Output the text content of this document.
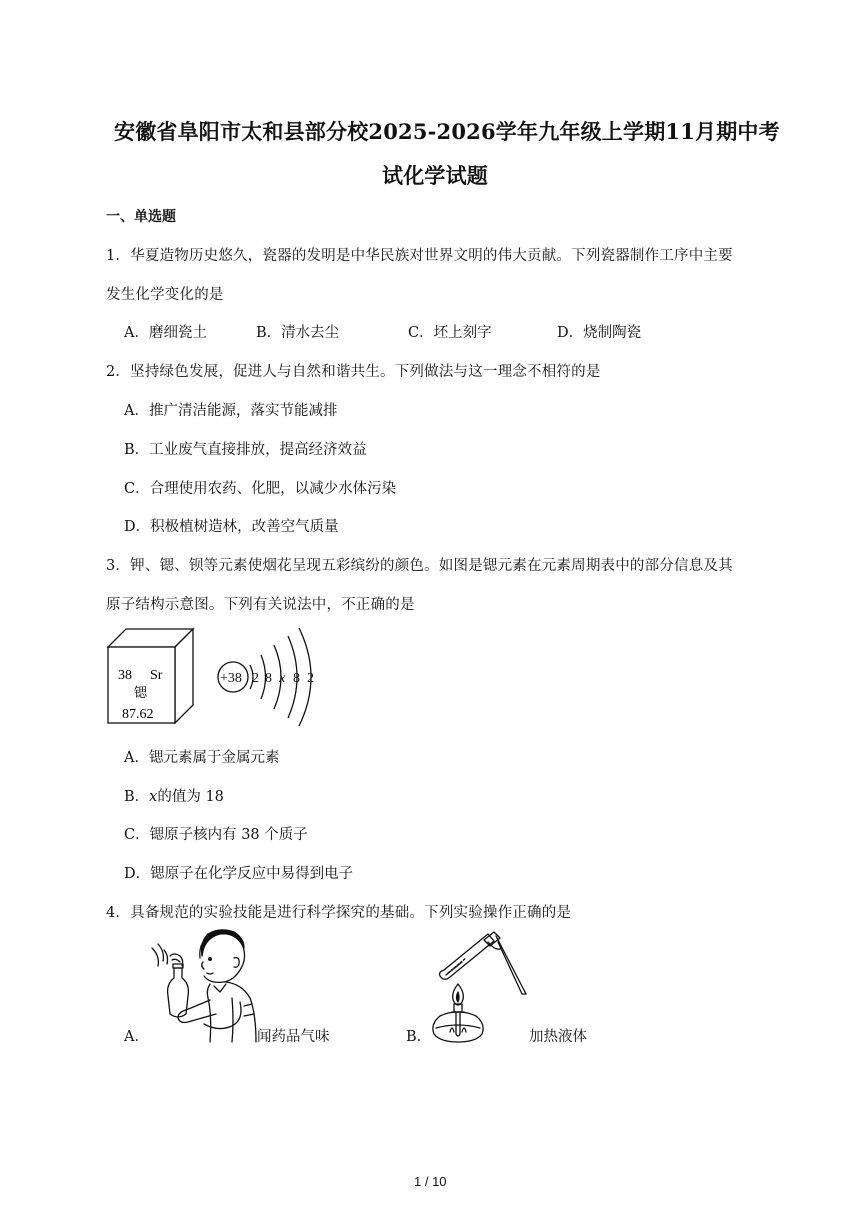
安徽省阜阳市太和县部分校2025-2026学年九年级上学期11月期中考
试化学试题
一、单选题
1．华夏造物历史悠久，瓷器的发明是中华民族对世界文明的伟大贡献。下列瓷器制作工序中主要
发生化学变化的是
A．磨细瓷土	B．清水去尘	C．坯上刻字	D．烧制陶瓷
2．坚持绿色发展，促进人与自然和谐共生。下列做法与这一理念不相符的是
A．推广清洁能源，落实节能减排
B．工业废气直接排放，提高经济效益
C．合理使用农药、化肥，以减少水体污染
D．积极植树造林，改善空气质量
3．钾、锶、钡等元素使烟花呈现五彩缤纷的颜色。如图是锶元素在元素周期表中的部分信息及其
原子结构示意图。下列有关说法中，不正确的是
38 Sr
锶
87.62
+38 2 8 x 8 2
A．锶元素属于金属元素
B．x的值为 18
C．锶原子核内有 38 个质子
D．锶原子在化学反应中易得到电子
4．具备规范的实验技能是进行科学探究的基础。下列实验操作正确的是
A．	闻药品气味	B．	加热液体
1 / 10
